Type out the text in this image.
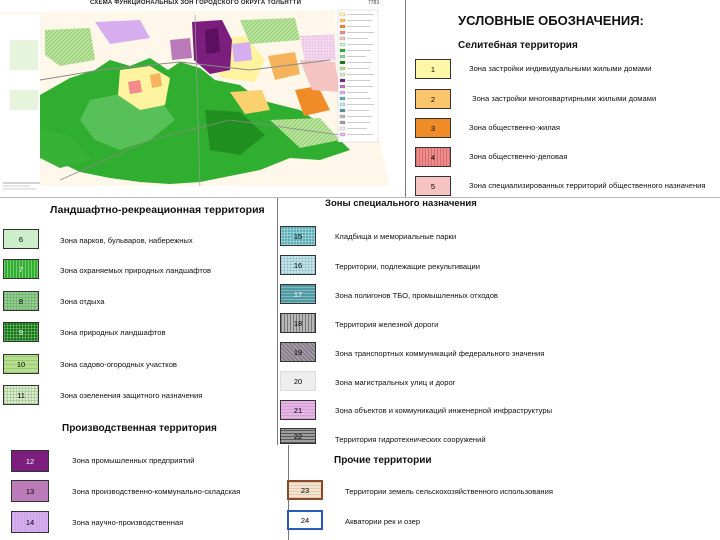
СХЕМА ФУНКЦИОНАЛЬНЫХ ЗОН ГОРОДСКОГО ОКРУГА ТОЛЬЯТТИ	7783
УСЛОВНЫЕ ОБОЗНАЧЕНИЯ:
Селитебная территория
1	Зона застройки индивидуальными жилыми домами
2	Зона застройки многоквартирными жилыми домами
3	Зона общественно-жилая
4	Зона общественно-деловая
5	Зона специализированных территорий общественного назначения
6	Зона парков, бульваров, набережных
7	Зона охраняемых природных ландшафтов
8	Зона отдыха
9	Зона природных ландшафтов
10	Зона садово-огородных участков
11	Зона озеленения защитного назначения
12	Зона промышленных предприятий
13	Зона производственно-коммунально-складская
14	Зона научно-производственная
15	Кладбища и мемориальные парки
16	Территории, подлежащие рекультивации
17	Зона полигонов ТБО, промышленных отходов
18	Территория железной дороги
19	Зона транспортных коммуникаций федерального значения
20	Зона магистральных улиц и дорог
21	Зона объектов и коммуникаций инженерной инфраструктуры
22	Территория гидротехнических сооружений
23	Территории земель сельскохозяйственного использования
24	Акватории рек и озер
Ландшафтно-рекреационная территория
Зоны специального назначения
Производственная территория
Прочие территории
